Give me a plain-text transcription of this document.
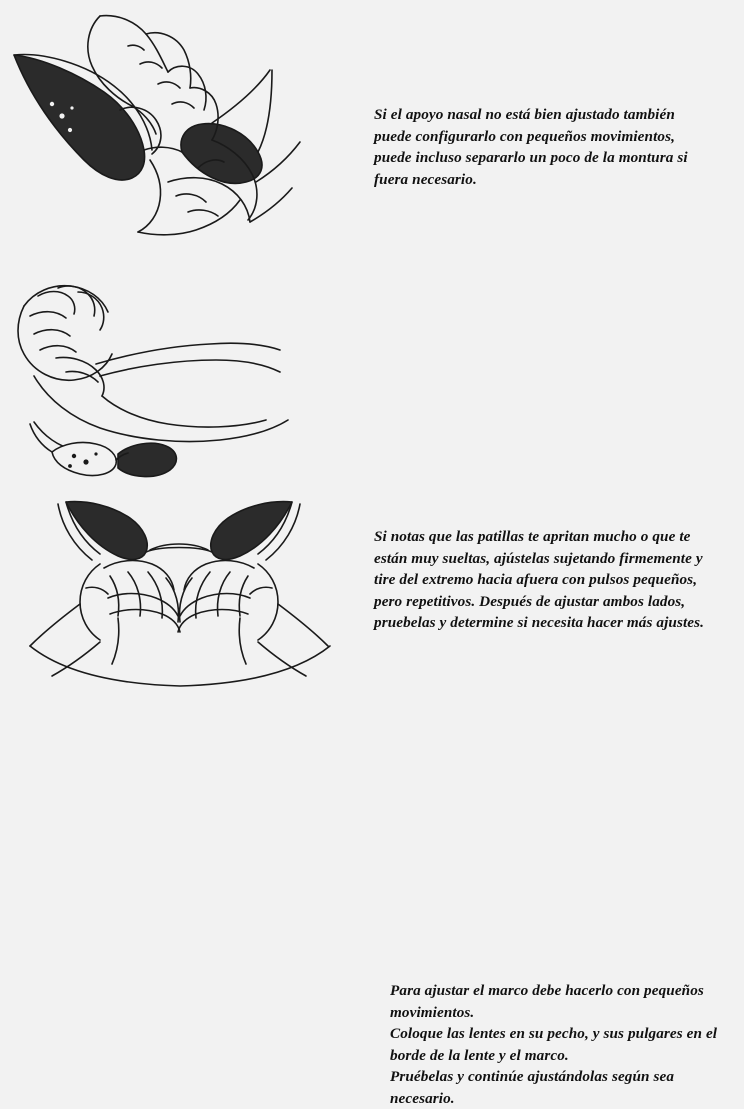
Si el apoyo nasal no está bien ajustado también puede configurarlo con pequeños movimientos, puede incluso separarlo un poco de la montura si fuera necesario.

Si notas que las patillas te apritan mucho o que te están muy sueltas, ajústelas sujetando firmemente y tire del extremo hacia afuera con pulsos pequeños, pero repetitivos. Después de ajustar ambos lados, pruebelas y determine si necesita hacer más ajustes.

Para ajustar el marco debe hacerlo con pequeños movimientos.
Coloque las lentes en su pecho, y sus pulgares en el borde de la lente y el marco.
Pruébelas y continúe ajustándolas según sea necesario.
